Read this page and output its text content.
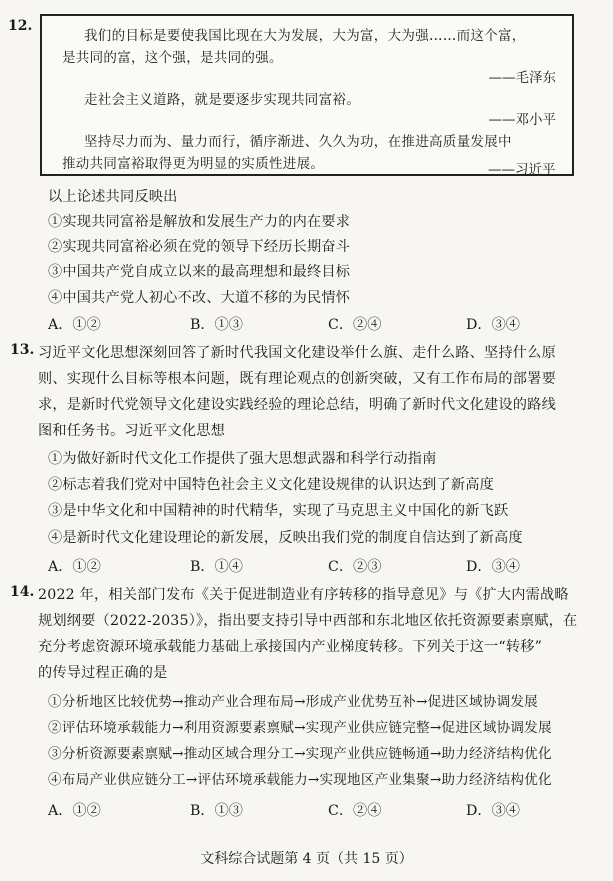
12.
我们的目标是要使我国比现在大为发展，大为富，大为强……而这个富，
是共同的富，这个强，是共同的强。
——毛泽东
走社会主义道路，就是要逐步实现共同富裕。
——邓小平
坚持尽力而为、量力而行，循序渐进、久久为功，在推进高质量发展中
推动共同富裕取得更为明显的实质性进展。	——习近平
以上论述共同反映出
①实现共同富裕是解放和发展生产力的内在要求
②实现共同富裕必须在党的领导下经历长期奋斗
③中国共产党自成立以来的最高理想和最终目标
④中国共产党人初心不改、大道不移的为民情怀
A．①②	B．①③	C．②④	D．③④
13. 习近平文化思想深刻回答了新时代我国文化建设举什么旗、走什么路、坚持什么原
则、实现什么目标等根本问题，既有理论观点的创新突破，又有工作布局的部署要
求，是新时代党领导文化建设实践经验的理论总结，明确了新时代文化建设的路线
图和任务书。习近平文化思想
①为做好新时代文化工作提供了强大思想武器和科学行动指南
②标志着我们党对中国特色社会主义文化建设规律的认识达到了新高度
③是中华文化和中国精神的时代精华，实现了马克思主义中国化的新飞跃
④是新时代文化建设理论的新发展，反映出我们党的制度自信达到了新高度
A．①②	B．①④	C．②③	D．③④
14. 2022 年，相关部门发布《关于促进制造业有序转移的指导意见》与《扩大内需战略
规划纲要（2022-2035）》，指出要支持引导中西部和东北地区依托资源要素禀赋，在
充分考虑资源环境承载能力基础上承接国内产业梯度转移。下列关于这一“转移”
的传导过程正确的是
①分析地区比较优势→推动产业合理布局→形成产业优势互补→促进区域协调发展
②评估环境承载能力→利用资源要素禀赋→实现产业供应链完整→促进区域协调发展
③分析资源要素禀赋→推动区域合理分工→实现产业供应链畅通→助力经济结构优化
④布局产业供应链分工→评估环境承载能力→实现地区产业集聚→助力经济结构优化
A．①②	B．①③	C．②④	D．③④
文科综合试题第 4 页（共 15 页）
